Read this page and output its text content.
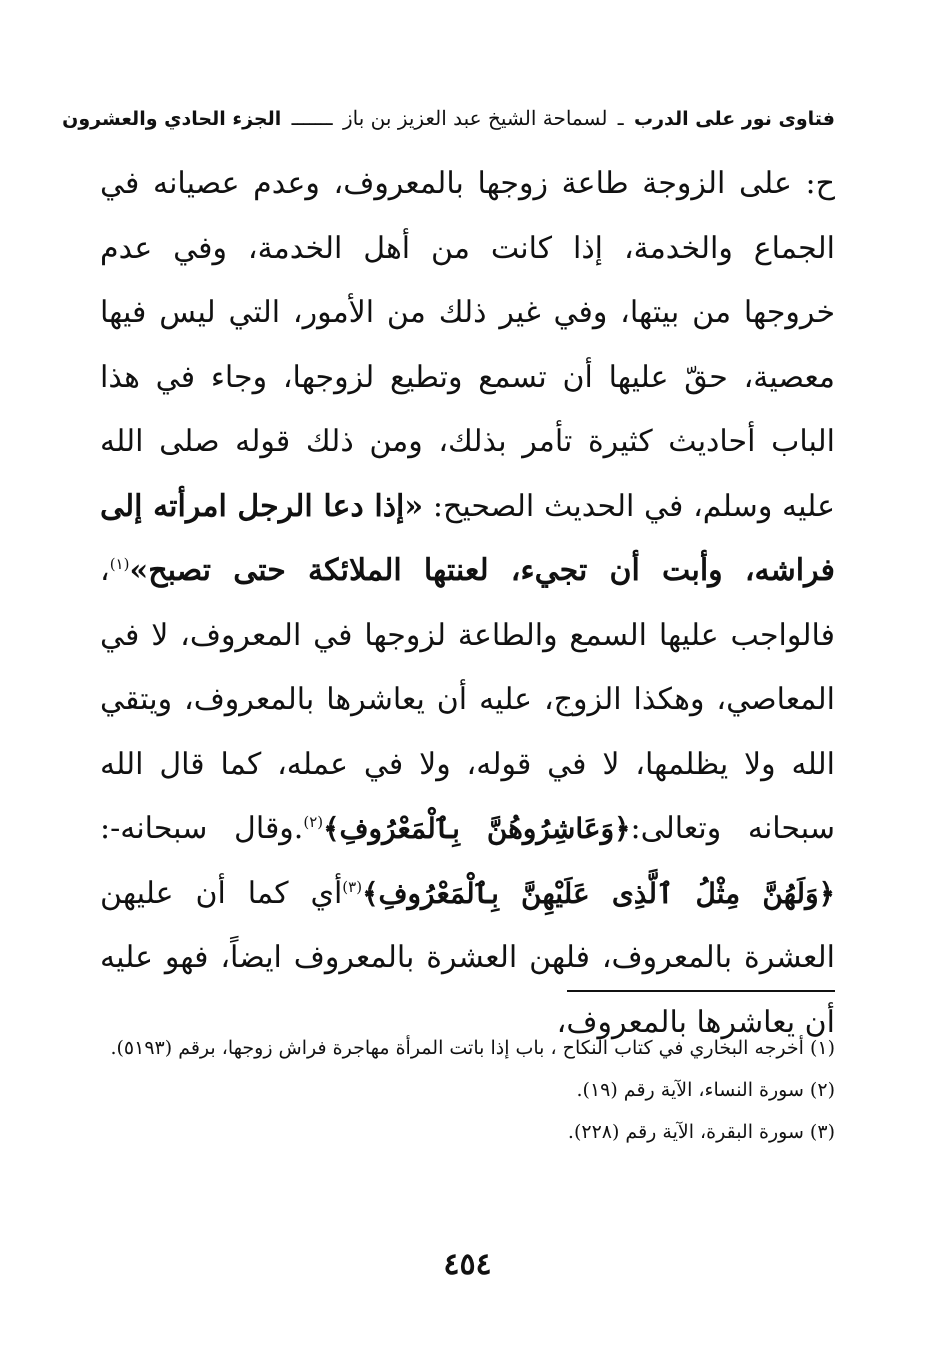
فتاوى نور على الدرب ـ لسماحة الشيخ عبد العزيز بن باز ـــــــ الجزء الحادي والعشرون
ح: على الزوجة طاعة زوجها بالمعروف، وعدم عصيانه في الجماع والخدمة، إذا كانت من أهل الخدمة، وفي عدم خروجها من بيتها، وفي غير ذلك من الأمور، التي ليس فيها معصية، حقّ عليها أن تسمع وتطيع لزوجها، وجاء في هذا الباب أحاديث كثيرة تأمر بذلك، ومن ذلك قوله صلى الله عليه وسلم، في الحديث الصحيح: «إذا دعا الرجل امرأته إلى فراشه، وأبت أن تجيء، لعنتها الملائكة حتى تصبح»$^{(١)}$، فالواجب عليها السمع والطاعة لزوجها في المعروف، لا في المعاصي، وهكذا الزوج، عليه أن يعاشرها بالمعروف، ويتقي الله ولا يظلمها، لا في قوله، ولا في عمله، كما قال الله سبحانه وتعالى:﴿وَعَاشِرُوهُنَّ بِٱلْمَعْرُوفِ﴾$^{(٢)}$.وقال سبحانه-: ﴿وَلَهُنَّ مِثْلُ ٱلَّذِى عَلَيْهِنَّ بِٱلْمَعْرُوفِ﴾$^{(٣)}$أي كما أن عليهن العشرة بالمعروف، فلهن العشرة بالمعروف ايضاً، فهو عليه أن يعاشرها بالمعروف،

(١) أخرجه البخاري في كتاب النكاح ، باب إذا باتت المرأة مهاجرة فراش زوجها، برقم (٥١٩٣).

(٢) سورة النساء، الآية رقم (١٩).

(٣) سورة البقرة، الآية رقم (٢٢٨).

٤٥٤
